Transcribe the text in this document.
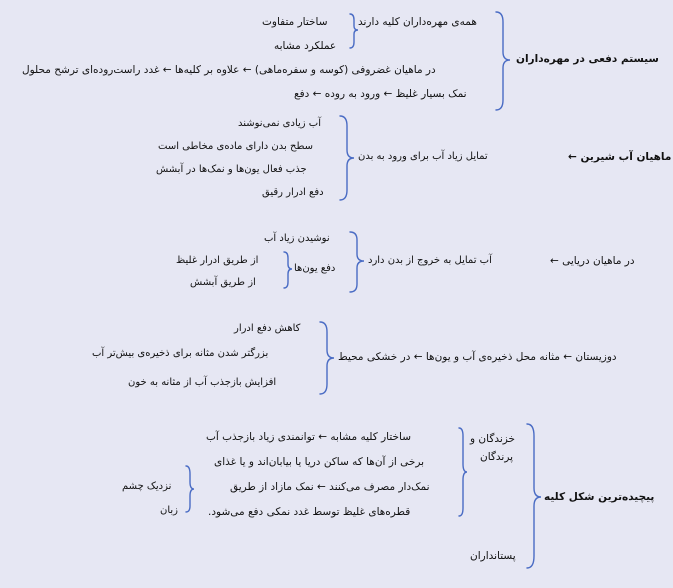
سیستم دفعی در مهره‌داران
همه‌ی مهره‌داران کلیه دارند
ساختار متفاوت
عملکرد مشابه
در ماهیان غضروفی (کوسه و سفره‌ماهی) ← علاوه بر کلیه‌ها ← غدد راست‌روده‌ای ترشح محلول
نمک بسیار غلیظ ← ورود به روده ← دفع
ماهیان آب شیرین ←
تمایل زیاد آب برای ورود به بدن
آب زیادی نمی‌نوشند
سطح بدن دارای ماده‌ی مخاطی است
جذب فعال یون‌ها و نمک‌ها در آبشش
دفع ادرار رقیق
در ماهیان دریایی ←
آب تمایل به خروج از بدن دارد
نوشیدن زیاد آب
دفع یون‌ها
از طریق ادرار غلیظ
از طریق آبشش
دوزیستان ← مثانه محل ذخیره‌ی آب و یون‌ها ← در خشکی محیط
کاهش دفع ادرار
بزرگتر شدن مثانه برای ذخیره‌ی بیش‌تر آب
افزایش بازجذب آب از مثانه به خون
پیچیده‌ترین شکل کلیه
خزندگان و
پرندگان
ساختار کلیه مشابه ← توانمندی زیاد بازجذب آب
برخی از آن‌ها که ساکن دریا یا بیابان‌اند و یا غذای
نمک‌دار مصرف می‌کنند ← نمک مازاد از طریق
قطره‌های غلیظ توسط غدد نمکی دفع می‌شود.
نزدیک چشم
زبان
پستانداران
